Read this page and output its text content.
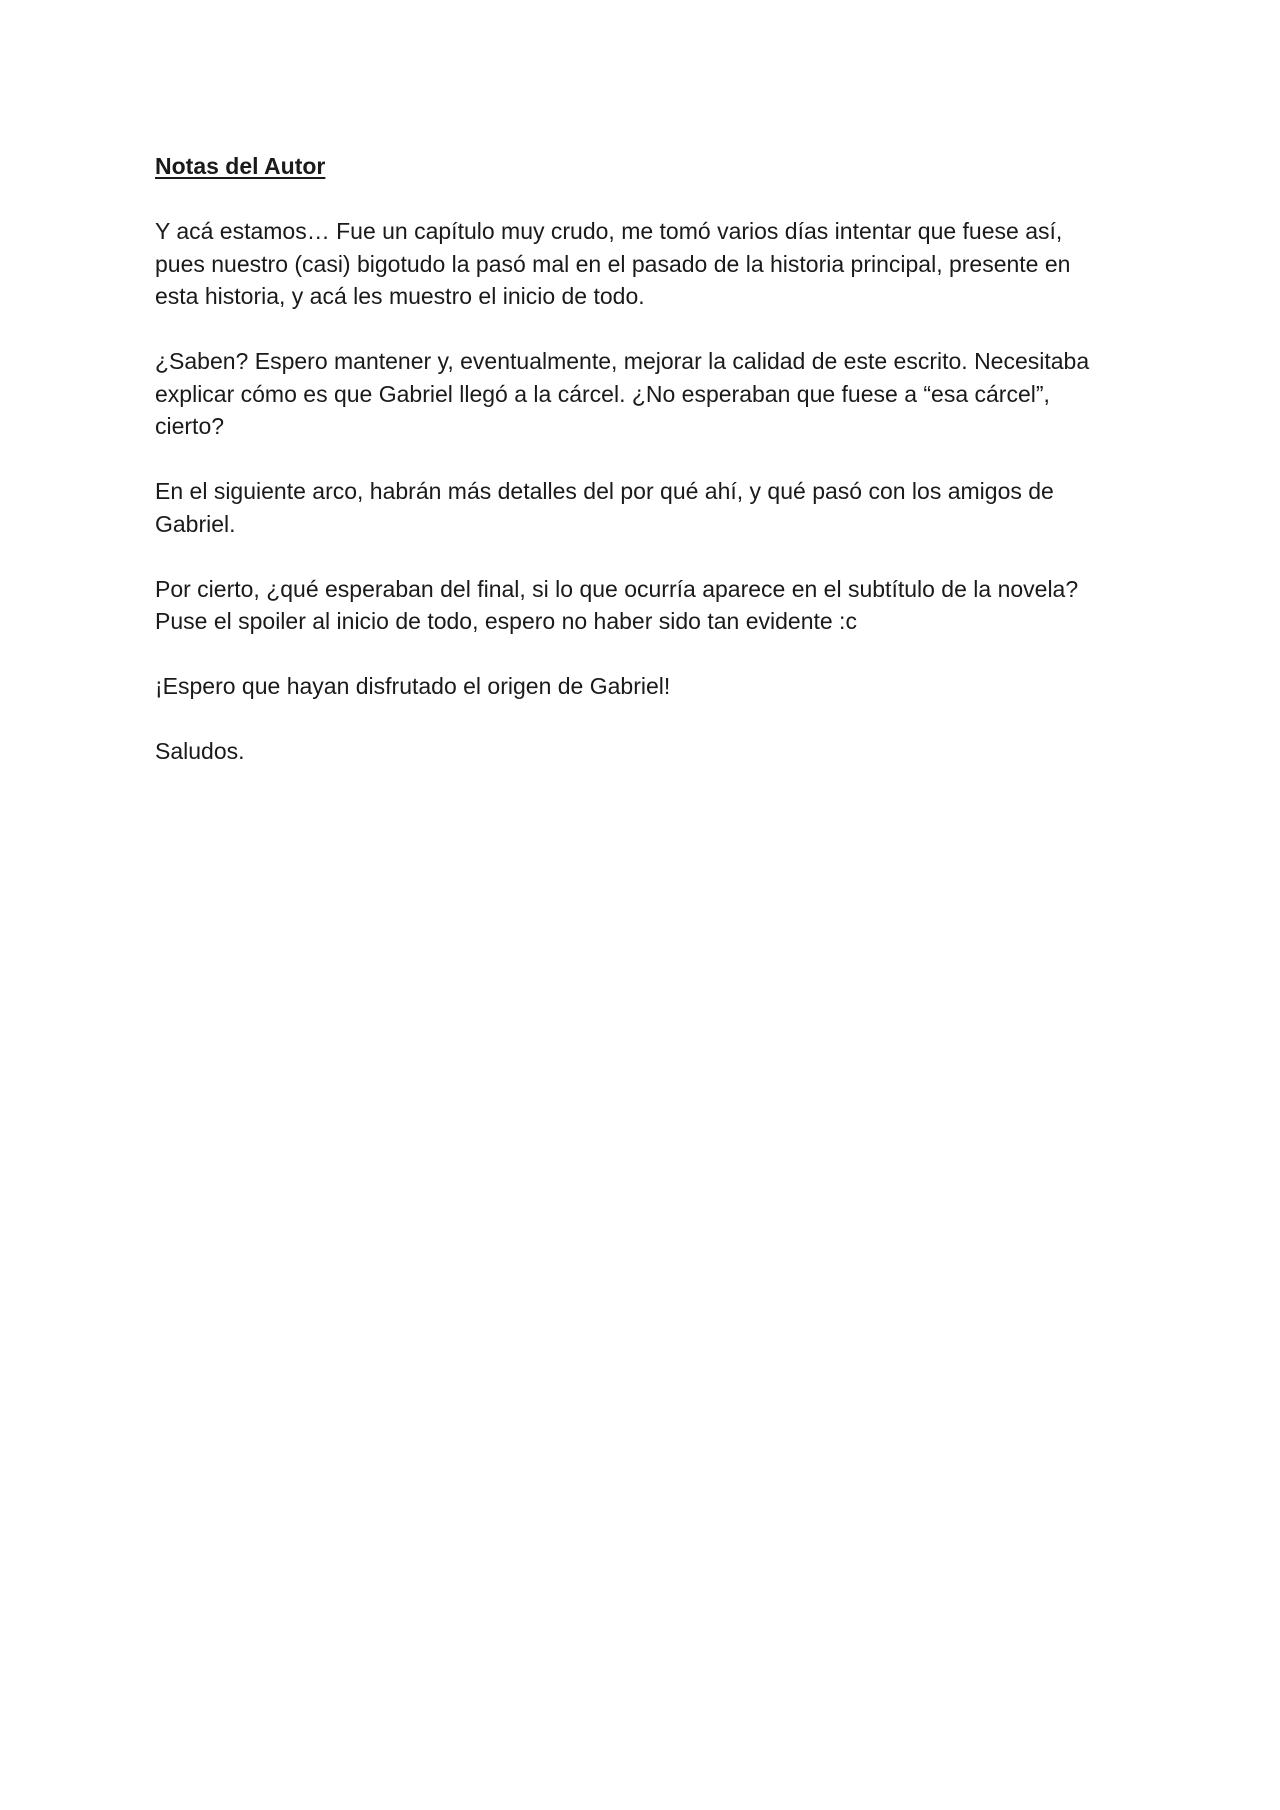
Notas del Autor
Y acá estamos… Fue un capítulo muy crudo, me tomó varios días intentar que fuese así,
pues nuestro (casi) bigotudo la pasó mal en el pasado de la historia principal, presente en
esta historia, y acá les muestro el inicio de todo.
¿Saben? Espero mantener y, eventualmente, mejorar la calidad de este escrito. Necesitaba
explicar cómo es que Gabriel llegó a la cárcel. ¿No esperaban que fuese a “esa cárcel”,
cierto?
En el siguiente arco, habrán más detalles del por qué ahí, y qué pasó con los amigos de
Gabriel.
Por cierto, ¿qué esperaban del final, si lo que ocurría aparece en el subtítulo de la novela?
Puse el spoiler al inicio de todo, espero no haber sido tan evidente :c
¡Espero que hayan disfrutado el origen de Gabriel!
Saludos.
